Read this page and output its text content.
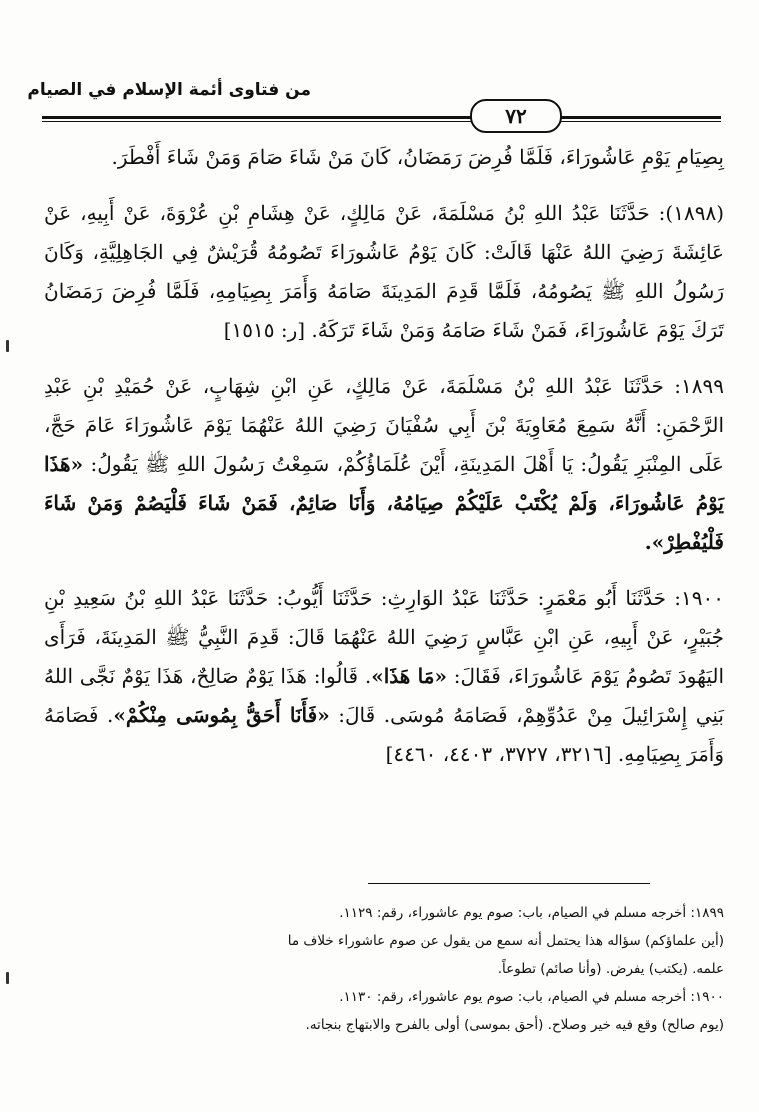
من فتاوى أئمة الإسلام في الصيام
٧٢

بِصِيَامِ يَوْمِ عَاشُورَاءَ، فَلَمَّا فُرِضَ رَمَضَانُ، كَانَ مَنْ شَاءَ صَامَ وَمَنْ شَاءَ أَفْطَرَ.

(١٨٩٨): حَدَّثَنَا عَبْدُ اللهِ بْنُ مَسْلَمَةَ، عَنْ مَالِكٍ، عَنْ هِشَامِ بْنِ عُرْوَةَ، عَنْ أَبِيهِ، عَنْ عَائِشَةَ رَضِيَ اللهُ عَنْهَا قَالَتْ: كَانَ يَوْمُ عَاشُورَاءَ تَصُومُهُ قُرَيْشٌ فِي الجَاهِلِيَّةِ، وَكَانَ رَسُولُ اللهِ ﷺ يَصُومُهُ، فَلَمَّا قَدِمَ المَدِينَةَ صَامَهُ وَأَمَرَ بِصِيَامِهِ، فَلَمَّا فُرِضَ رَمَضَانُ تَرَكَ يَوْمَ عَاشُورَاءَ، فَمَنْ شَاءَ صَامَهُ وَمَنْ شَاءَ تَرَكَهُ. [ر: ١٥١٥]

١٨٩٩: حَدَّثَنَا عَبْدُ اللهِ بْنُ مَسْلَمَةَ، عَنْ مَالِكٍ، عَنِ ابْنِ شِهَابٍ، عَنْ حُمَيْدِ بْنِ عَبْدِ الرَّحْمَنِ: أَنَّهُ سَمِعَ مُعَاوِيَةَ بْنَ أَبِي سُفْيَانَ رَضِيَ اللهُ عَنْهُمَا يَوْمَ عَاشُورَاءَ عَامَ حَجَّ، عَلَى المِنْبَرِ يَقُولُ: يَا أَهْلَ المَدِينَةِ، أَيْنَ عُلَمَاؤُكُمْ، سَمِعْتُ رَسُولَ اللهِ ﷺ يَقُولُ: «هَذَا يَوْمُ عَاشُورَاءَ، وَلَمْ يُكْتَبْ عَلَيْكُمْ صِيَامُهُ، وَأَنَا صَائِمٌ، فَمَنْ شَاءَ فَلْيَصُمْ وَمَنْ شَاءَ فَلْيُفْطِرْ».

١٩٠٠: حَدَّثَنَا أَبُو مَعْمَرٍ: حَدَّثَنَا عَبْدُ الوَارِثِ: حَدَّثَنَا أَيُّوبُ: حَدَّثَنَا عَبْدُ اللهِ بْنُ سَعِيدِ بْنِ جُبَيْرٍ، عَنْ أَبِيهِ، عَنِ ابْنِ عَبَّاسٍ رَضِيَ اللهُ عَنْهُمَا قَالَ: قَدِمَ النَّبِيُّ ﷺ المَدِينَةَ، فَرَأَى اليَهُودَ تَصُومُ يَوْمَ عَاشُورَاءَ، فَقَالَ: «مَا هَذَا». قَالُوا: هَذَا يَوْمٌ صَالِحٌ، هَذَا يَوْمٌ نَجَّى اللهُ بَنِي إِسْرَائِيلَ مِنْ عَدُوِّهِمْ، فَصَامَهُ مُوسَى. قَالَ: «فَأَنَا أَحَقُّ بِمُوسَى مِنْكُمْ». فَصَامَهُ وَأَمَرَ بِصِيَامِهِ. [٣٢١٦، ٣٧٢٧، ٤٤٠٣، ٤٤٦٠]

١٨٩٩: أخرجه مسلم في الصيام، باب: صوم يوم عاشوراء، رقم: ١١٢٩.

(أين علماؤكم) سؤاله هذا يحتمل أنه سمع من يقول عن صوم عاشوراء خلاف ما

علمه. (يكتب) يفرض. (وأنا صائم) تطوعاً.

١٩٠٠: أخرجه مسلم في الصيام، باب: صوم يوم عاشوراء، رقم: ١١٣٠.

(يوم صالح) وقع فيه خير وصلاح. (أحق بموسى) أولى بالفرح والابتهاج بنجاته.
